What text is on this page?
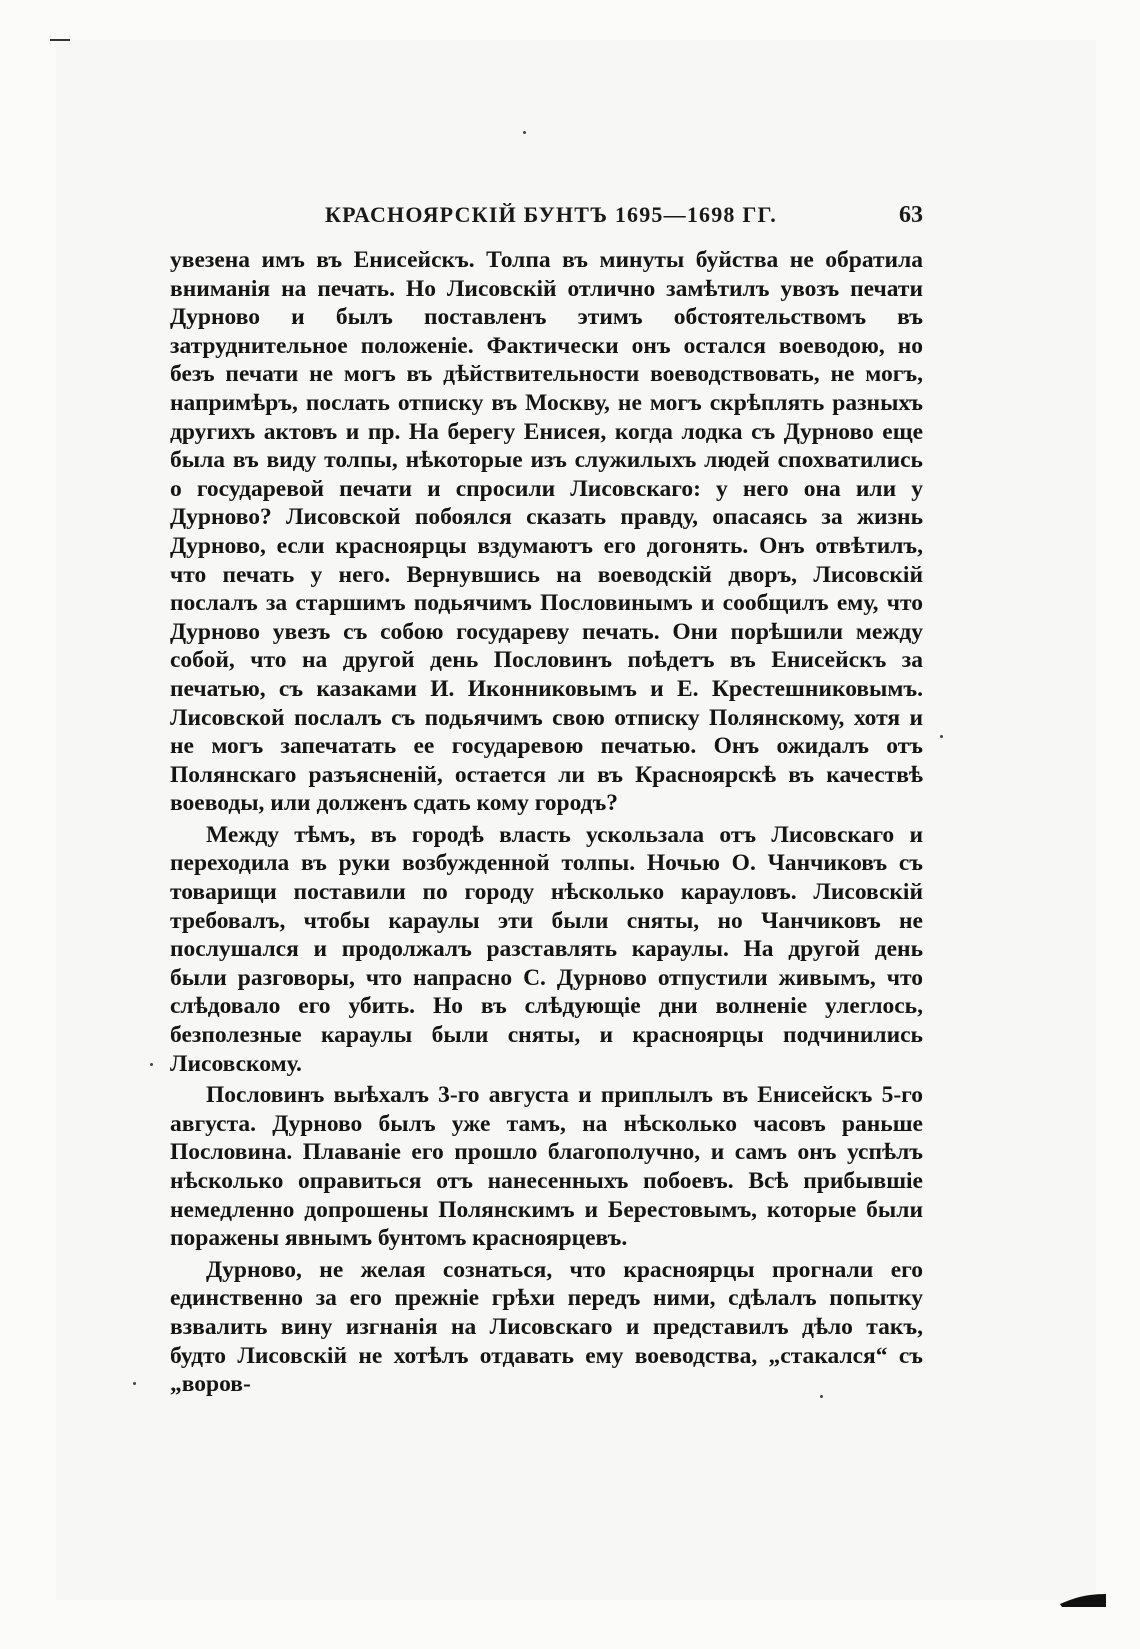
КРАСНОЯРСКІЙ БУНТЪ 1695—1698 ГГ.	63

увезена имъ въ Енисейскъ. Толпа въ минуты буйства не обратила вниманія на печать. Но Лисовскій отлично замѣтилъ увозъ печати Дурново и былъ поставленъ этимъ обстоятельствомъ въ затруднительное положеніе. Фактически онъ остался воеводою, но безъ печати не могъ въ дѣйствительности воеводствовать, не могъ, напримѣръ, послать отписку въ Москву, не могъ скрѣплять разныхъ другихъ актовъ и пр. На берегу Енисея, когда лодка съ Дурново еще была въ виду толпы, нѣкоторые изъ служилыхъ людей спохватились о государевой печати и спросили Лисовскаго: у него она или у Дурново? Лисовской побоялся сказать правду, опасаясь за жизнь Дурново, если красноярцы вздумаютъ его догонять. Онъ отвѣтилъ, что печать у него. Вернувшись на воеводскій дворъ, Лисовскій послалъ за старшимъ подьячимъ Пословинымъ и сообщилъ ему, что Дурново увезъ съ собою государеву печать. Они порѣшили между собой, что на другой день Пословинъ поѣдетъ въ Енисейскъ за печатью, съ казаками И. Иконниковымъ и Е. Крестешниковымъ. Лисовской послалъ съ подьячимъ свою отписку Полянскому, хотя и не могъ запечатать ее государевою печатью. Онъ ожидалъ отъ Полянскаго разъясненій, остается ли въ Красноярскѣ въ качествѣ воеводы, или долженъ сдать кому городъ?

Между тѣмъ, въ городѣ власть ускользала отъ Лисовскаго и переходила въ руки возбужденной толпы. Ночью О. Чанчиковъ съ товарищи поставили по городу нѣсколько карауловъ. Лисовскій требовалъ, чтобы караулы эти были сняты, но Чанчиковъ не послушался и продолжалъ разставлять караулы. На другой день были разговоры, что напрасно С. Дурново отпустили живымъ, что слѣдовало его убить. Но въ слѣдующіе дни волненіе улеглось, безполезные караулы были сняты, и красноярцы подчинились Лисовскому.

Пословинъ выѣхалъ 3-го августа и приплылъ въ Енисейскъ 5-го августа. Дурново былъ уже тамъ, на нѣсколько часовъ раньше Пословина. Плаваніе его прошло благополучно, и самъ онъ успѣлъ нѣсколько оправиться отъ нанесенныхъ побоевъ. Всѣ прибывшіе немедленно допрошены Полянскимъ и Берестовымъ, которые были поражены явнымъ бунтомъ красноярцевъ.

Дурново, не желая сознаться, что красноярцы прогнали его единственно за его прежніе грѣхи передъ ними, сдѣлалъ попытку взвалить вину изгнанія на Лисовскаго и представилъ дѣло такъ, будто Лисовскій не хотѣлъ отдавать ему воеводства, „стакался“ съ „воров-
